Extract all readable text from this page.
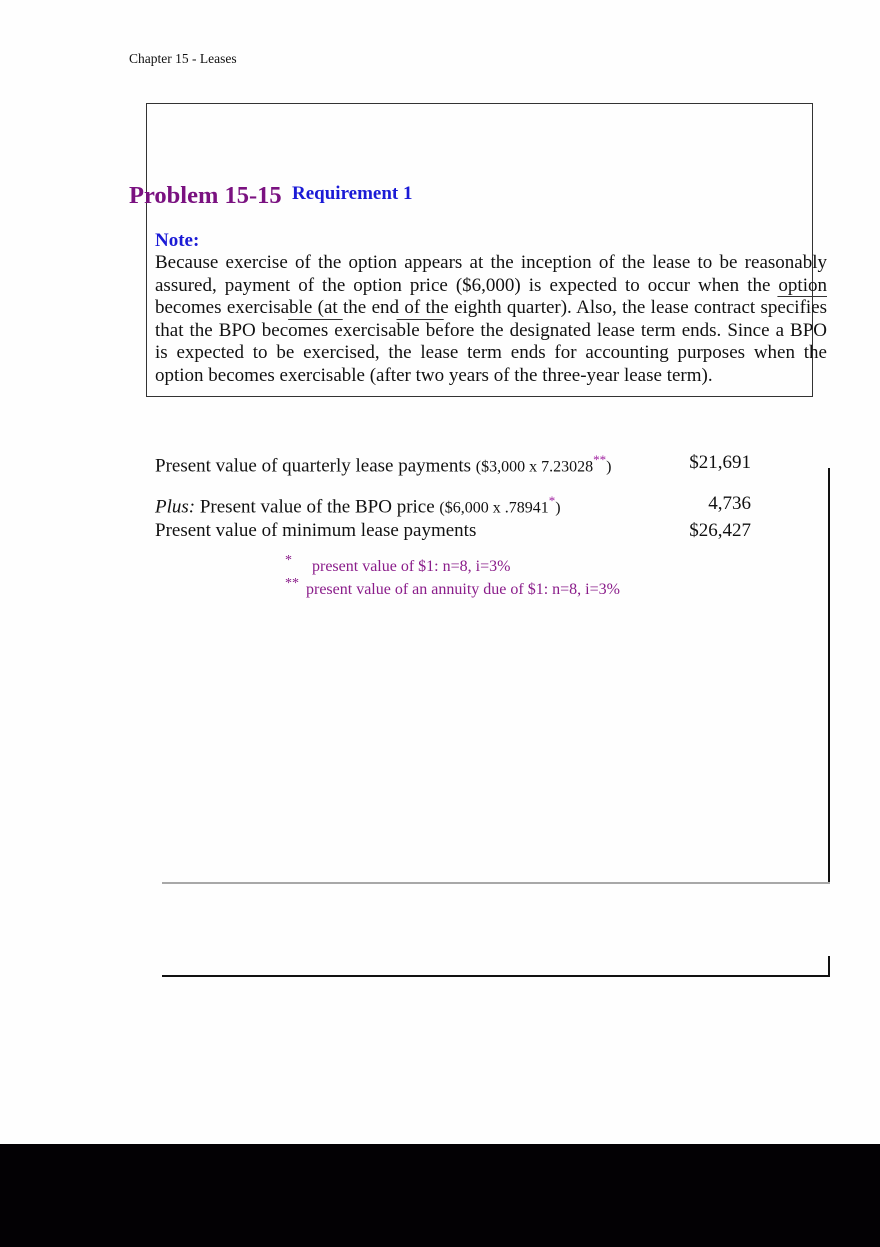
Chapter 15 - Leases
Problem 15-15 Requirement 1
Note:
Because exercise of the option appears at the inception of the lease to be reasonably assured, payment of the option price ($6,000) is expected to occur when the option becomes exercisable (at the end of the eighth quarter). Also, the lease contract specifies that the BPO becomes exercisable before the designated lease term ends. Since a BPO is expected to be exercised, the lease term ends for accounting purposes when the option becomes exercisable (after two years of the three-year lease term).
Present value of quarterly lease payments ($3,000 x 7.23028**)	$21,691
Plus: Present value of the BPO price ($6,000 x .78941*)	4,736
Present value of minimum lease payments	$26,427
* present value of $1: n=8, i=3%
** present value of an annuity due of $1: n=8, i=3%
